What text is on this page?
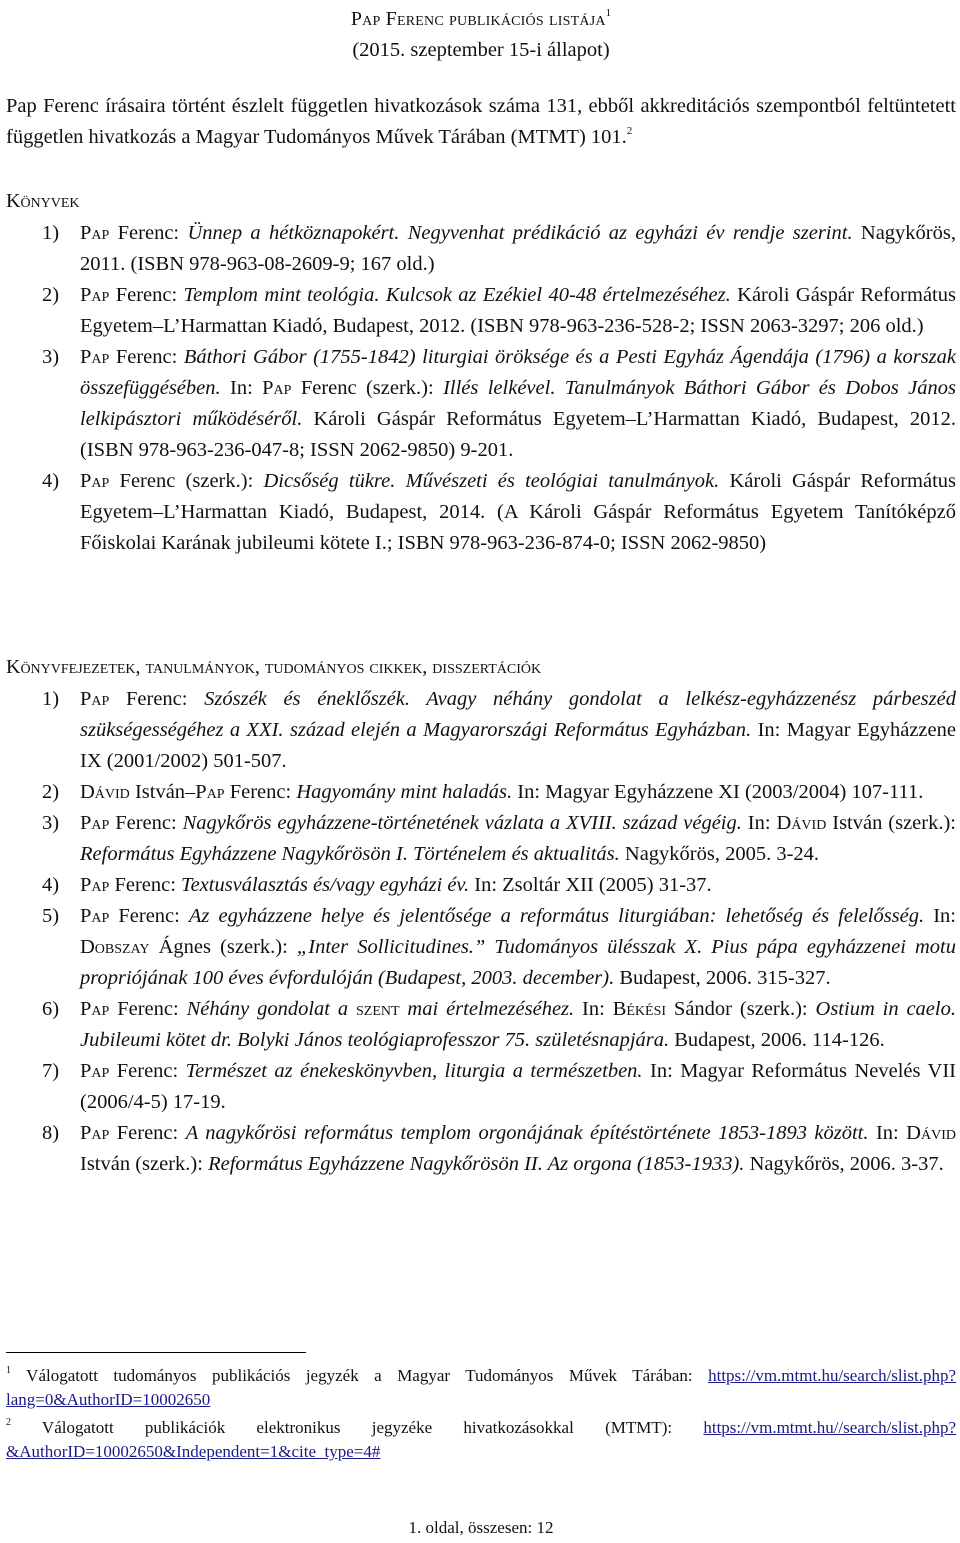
Pap Ferenc publikációs listája$^1$
(2015. szeptember 15-i állapot)

Pap Ferenc írásaira történt észlelt független hivatkozások száma 131, ebből akkreditációs szempontból feltüntetett független hivatkozás a Magyar Tudományos Művek Tárában (MTMT) 101.$^2$

Könyvek
1) Pap Ferenc: Ünnep a hétköznapokért. Negyvenhat prédikáció az egyházi év rendje szerint. Nagykőrös, 2011. (ISBN 978-963-08-2609-9; 167 old.)
2) Pap Ferenc: Templom mint teológia. Kulcsok az Ezékiel 40-48 értelmezéséhez. Károli Gáspár Református Egyetem–L’Harmattan Kiadó, Budapest, 2012. (ISBN 978-963-236-528-2; ISSN 2063-3297; 206 old.)
3) Pap Ferenc: Báthori Gábor (1755-1842) liturgiai öröksége és a Pesti Egyház Ágendája (1796) a korszak összefüggésében. In: Pap Ferenc (szerk.): Illés lelkével. Tanulmányok Báthori Gábor és Dobos János lelkipásztori működéséről. Károli Gáspár Református Egyetem–L’Harmattan Kiadó, Budapest, 2012. (ISBN 978-963-236-047-8; ISSN 2062-9850) 9-201.
4) Pap Ferenc (szerk.): Dicsőség tükre. Művészeti és teológiai tanulmányok. Károli Gáspár Református Egyetem–L’Harmattan Kiadó, Budapest, 2014. (A Károli Gáspár Református Egyetem Tanítóképző Főiskolai Karának jubileumi kötete I.; ISBN 978-963-236-874-0; ISSN 2062-9850)
Könyvfejezetek, tanulmányok, tudományos cikkek, disszertációk
1) Pap Ferenc: Szószék és éneklőszék. Avagy néhány gondolat a lelkész-egyházzenész párbeszéd szükségességéhez a XXI. század elején a Magyarországi Református Egyházban. In: Magyar Egyházzene IX (2001/2002) 501-507.
2) Dávid István–Pap Ferenc: Hagyomány mint haladás. In: Magyar Egyházzene XI (2003/2004) 107-111.
3) Pap Ferenc: Nagykőrös egyházzene-történetének vázlata a XVIII. század végéig. In: Dávid István (szerk.): Református Egyházzene Nagykőrösön I. Történelem és aktualitás. Nagykőrös, 2005. 3-24.
4) Pap Ferenc: Textusválasztás és/vagy egyházi év. In: Zsoltár XII (2005) 31-37.
5) Pap Ferenc: Az egyházzene helye és jelentősége a református liturgiában: lehetőség és felelősség. In: Dobszay Ágnes (szerk.): „Inter Sollicitudines.” Tudományos ülésszak X. Pius pápa egyházzenei motu propriójának 100 éves évfordulóján (Budapest, 2003. december). Budapest, 2006. 315-327.
6) Pap Ferenc: Néhány gondolat a szent mai értelmezéséhez. In: Békési Sándor (szerk.): Ostium in caelo. Jubileumi kötet dr. Bolyki János teológiaprofesszor 75. születésnapjára. Budapest, 2006. 114-126.
7) Pap Ferenc: Természet az énekeskönyvben, liturgia a természetben. In: Magyar Református Nevelés VII (2006/4-5) 17-19.
8) Pap Ferenc: A nagykőrösi református templom orgonájának építéstörténete 1853-1893 között. In: Dávid István (szerk.): Református Egyházzene Nagykőrösön II. Az orgona (1853-1933). Nagykőrös, 2006. 3-37.
$^1$ Válogatott tudományos publikációs jegyzék a Magyar Tudományos Művek Tárában: https://vm.mtmt.hu/search/slist.php?lang=0&AuthorID=10002650
$^2$ Válogatott publikációk elektronikus jegyzéke hivatkozásokkal (MTMT): https://vm.mtmt.hu//search/slist.php?&AuthorID=10002650&Independent=1&cite_type=4#
1. oldal, összesen: 12
